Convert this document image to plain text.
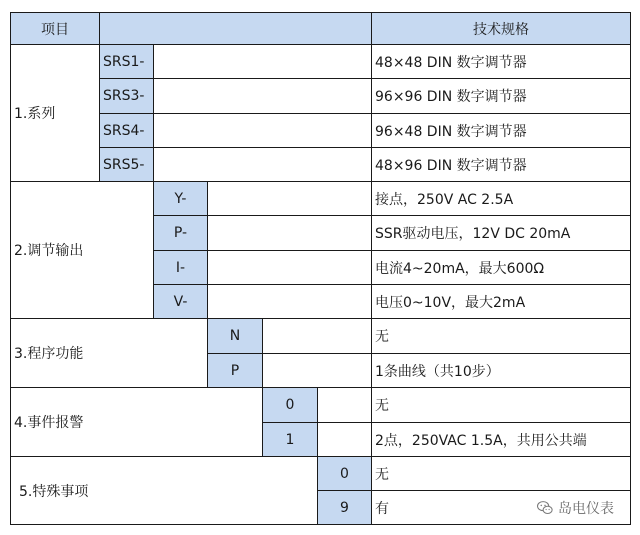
项目	技术规格
1.系列
SRS1-	48×48 DIN 数字调节器
SRS3-	96×96 DIN 数字调节器
SRS4-	96×48 DIN 数字调节器
SRS5-	48×96 DIN 数字调节器
2.调节输出
Y-	接点，250V AC 2.5A
P-	SSR驱动电压，12V DC 20mA
I-	电流4~20mA，最大600Ω
V-	电压0~10V，最大2mA
3.程序功能
N	无
P	1条曲线（共10步）
4.事件报警
0	无
1	2点，250VAC 1.5A，共用公共端
5.特殊事项
0 无
9 有	岛电仪表
